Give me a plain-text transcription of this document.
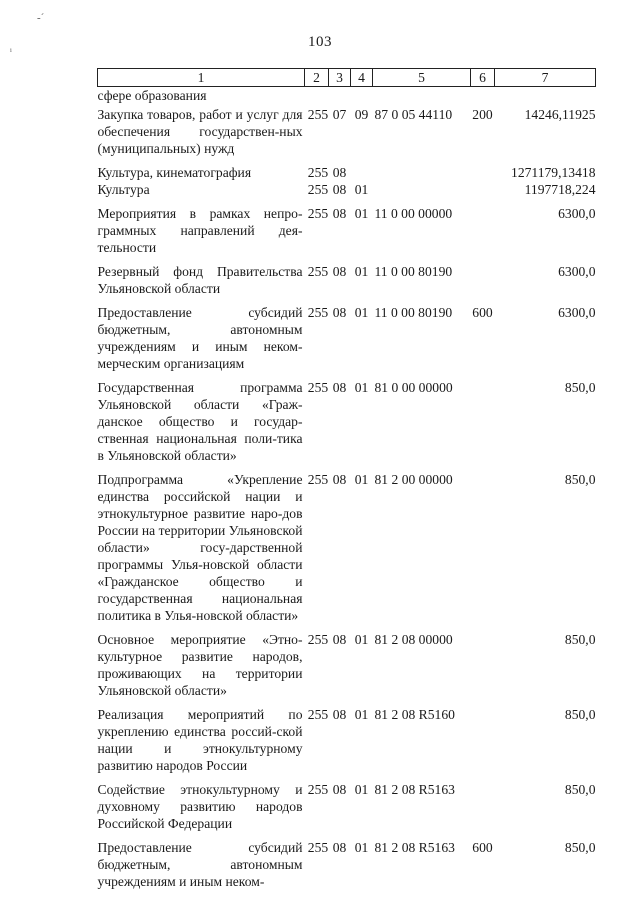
-´
ᵢ	103
1	2	3	4	5	6	7
сфере образования						
Закупка товаров, работ и услуг для обеспечения государствен-ных (муниципальных) нужд	255	07	09	87 0 05 44110	200	14246,11925
Культура, кинематография	255	08				1271179,13418
Культура	255	08	01			1197718,224
Мероприятия в рамках непро-граммных направлений дея-тельности	255	08	01	11 0 00 00000		6300,0
Резервный фонд Правительства Ульяновской области	255	08	01	11 0 00 80190		6300,0
Предоставление субсидий бюджетным, автономным учреждениям и иным неком-мерческим организациям	255	08	01	11 0 00 80190	600	6300,0
Государственная программа Ульяновской области «Граж-данское общество и государ-ственная национальная поли-тика в Ульяновской области»	255	08	01	81 0 00 00000		850,0
Подпрограмма «Укрепление единства российской нации и этнокультурное развитие наро-дов России на территории Ульяновской области» госу-дарственной программы Улья-новской области «Гражданское общество и государственная национальная политика в Улья-новской области»	255	08	01	81 2 00 00000		850,0
Основное мероприятие «Этно-культурное развитие народов, проживающих на территории Ульяновской области»	255	08	01	81 2 08 00000		850,0
Реализация мероприятий по укреплению единства россий-ской нации и этнокультурному развитию народов России	255	08	01	81 2 08 R5160		850,0
Содействие этнокультурному и духовному развитию народов Российской Федерации	255	08	01	81 2 08 R5163		850,0
Предоставление субсидий бюджетным, автономным учреждениям и иным неком-	255	08	01	81 2 08 R5163	600	850,0
